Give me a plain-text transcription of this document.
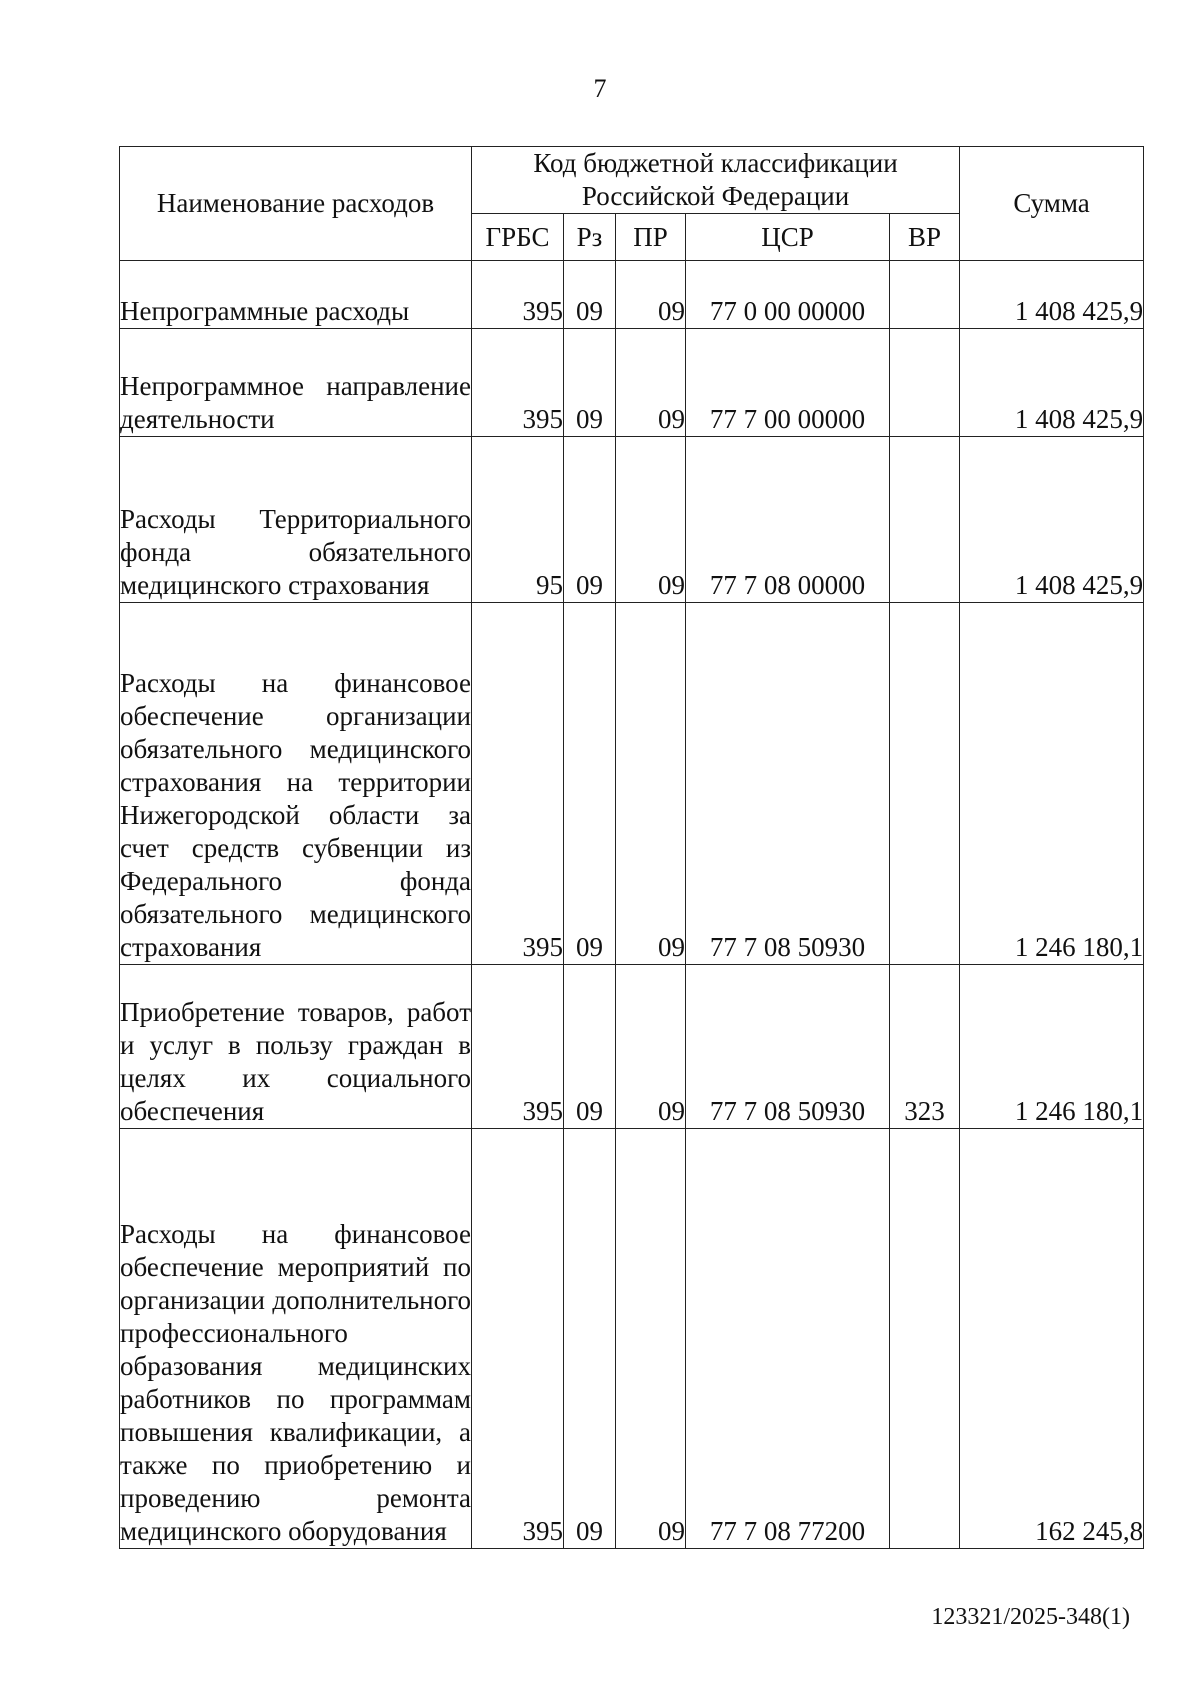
7
Наименование расходов	Код бюджетной классификации Российской Федерации					Сумма
	ГРБС	Рз	ПР	ЦСР	ВР	
Непрограммные расходы	395	09	09	77 0 00 00000		1 408 425,9
Непрограммное направление деятельности	395	09	09	77 7 00 00000		1 408 425,9
Расходы Территориального фонда обязательного медицинского страхования	95	09	09	77 7 08 00000		1 408 425,9
Расходы на финансовое обеспечение организации обязательного медицинского страхования на территории Нижегородской области за счет средств субвенции из Федерального фонда обязательного медицинского страхования	395	09	09	77 7 08 50930		1 246 180,1
Приобретение товаров, работ и услуг в пользу граждан в целях их социального обеспечения	395	09	09	77 7 08 50930	323	1 246 180,1
Расходы на финансовое обеспечение мероприятий по организации дополнительного профессионального образования медицинских работников по программам повышения квалификации, а также по приобретению и проведению ремонта медицинского оборудования	395	09	09	77 7 08 77200		162 245,8
123321/2025-348(1)
